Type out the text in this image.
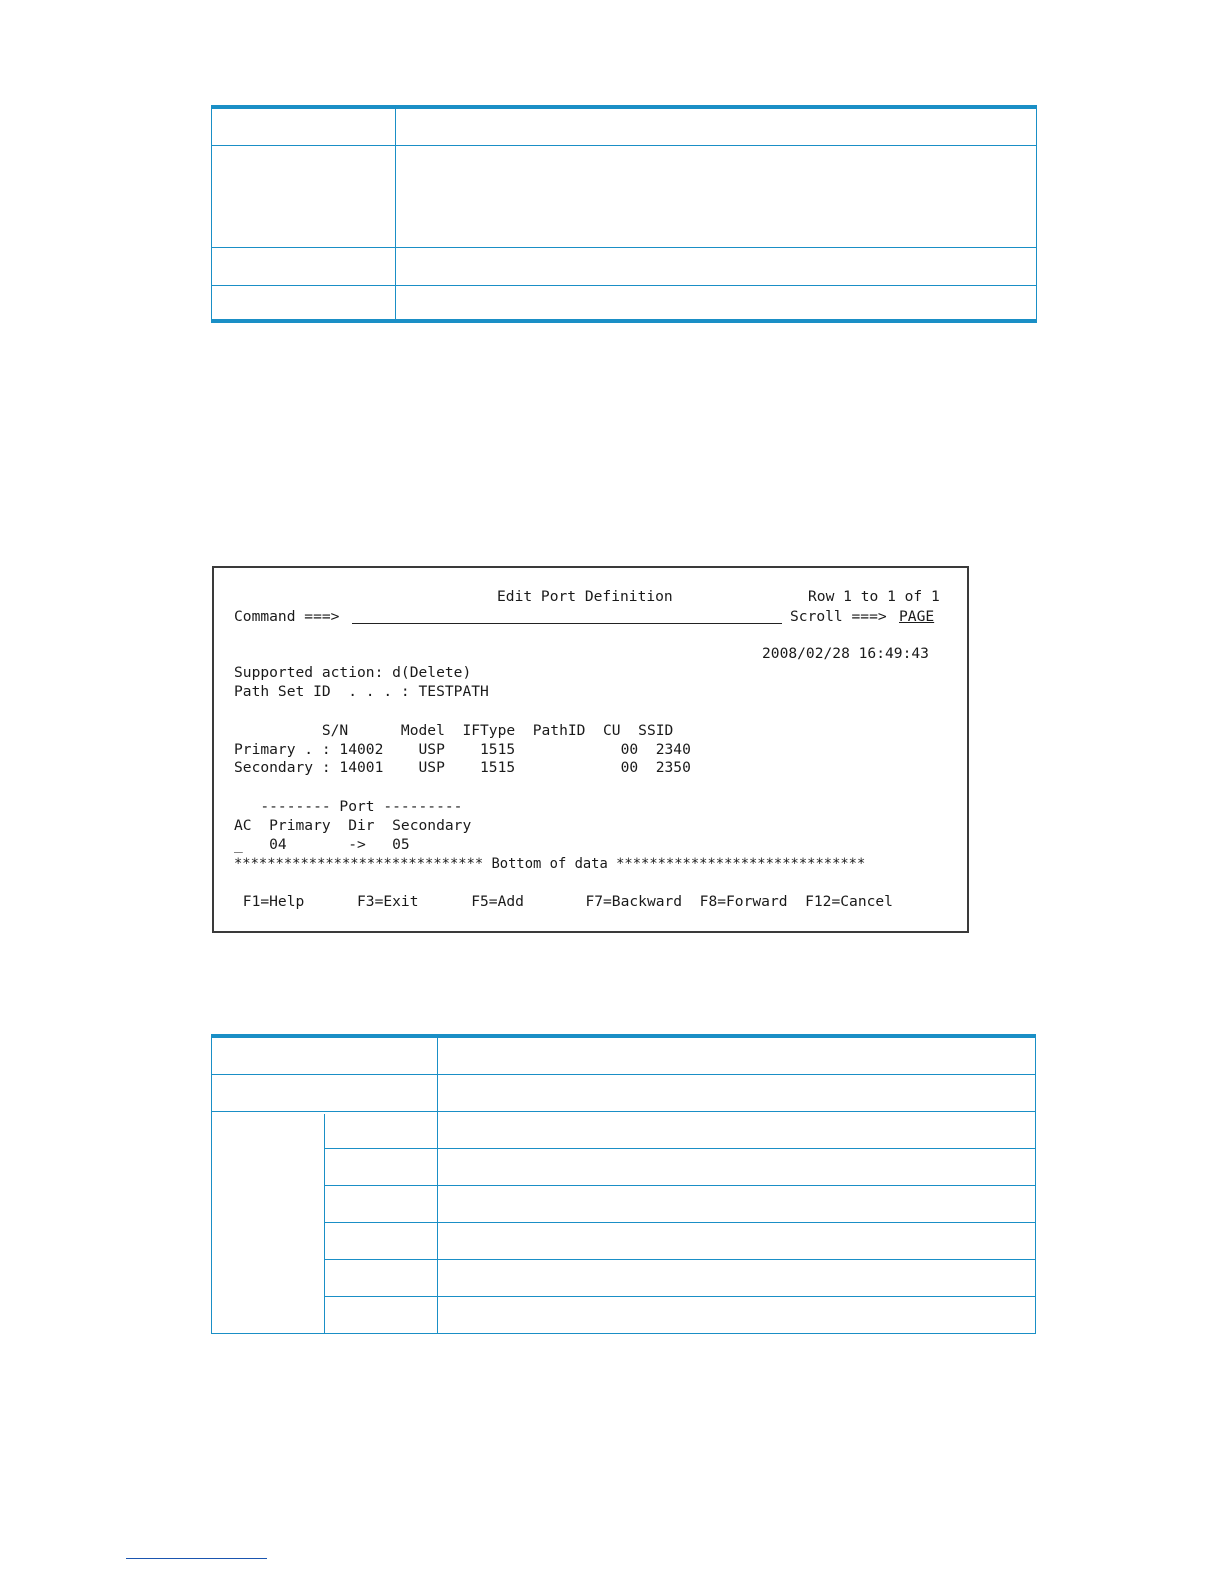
Edit Port Definition	Row 1 to 1 of 1
Command ===>	Scroll ===> PAGE
2008/02/28 16:49:43
Supported action: d(Delete)
Path Set ID  . . . : TESTPATH
S/N      Model  IFType  PathID  CU  SSID
Primary . : 14002    USP    1515            00  2340
Secondary : 14001    USP    1515            00  2350
-------- Port ---------
AC  Primary  Dir  Secondary
_   04       ->   05
****************************** Bottom of data ******************************
F1=Help      F3=Exit      F5=Add       F7=Backward  F8=Forward  F12=Cancel
